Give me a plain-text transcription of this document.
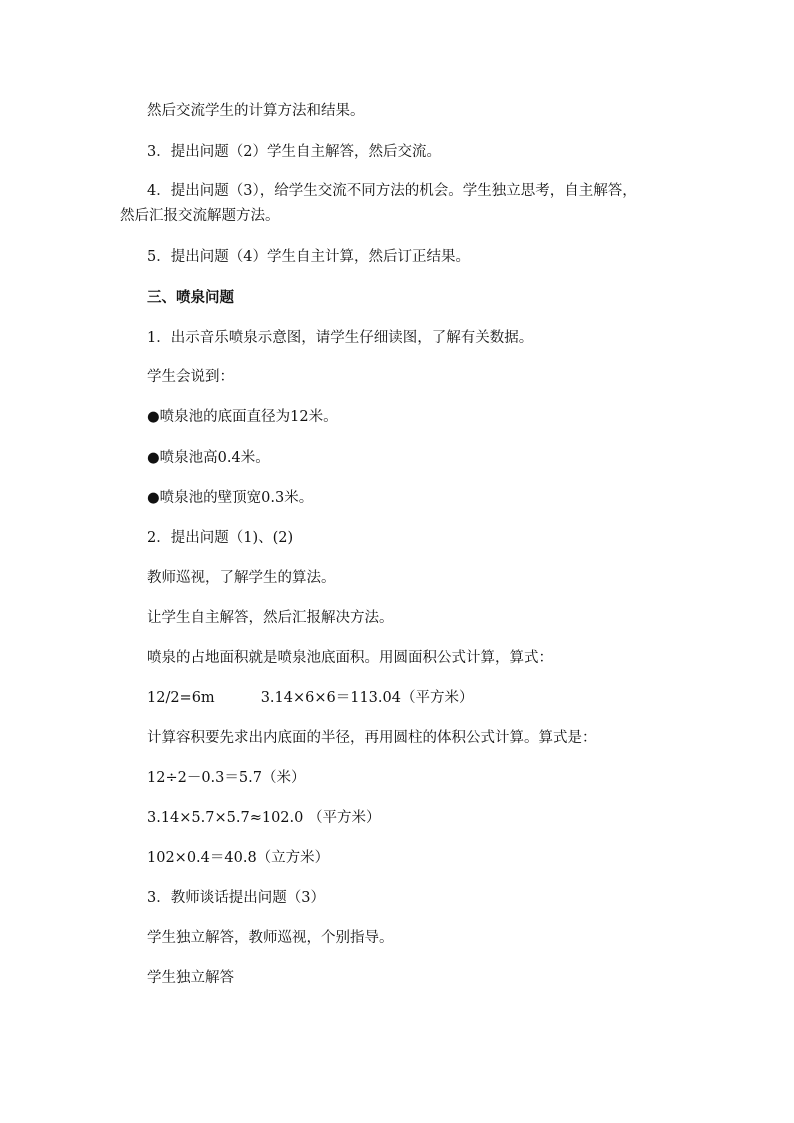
然后交流学生的计算方法和结果。
3．提出问题（2）学生自主解答，然后交流。
4．提出问题（3），给学生交流不同方法的机会。学生独立思考，自主解答，
然后汇报交流解题方法。
5．提出问题（4）学生自主计算，然后订正结果。
三、喷泉问题
1．出示音乐喷泉示意图，请学生仔细读图，了解有关数据。
学生会说到：
●喷泉池的底面直径为12米。
●喷泉池高0.4米。
●喷泉池的壁顶宽0.3米。
2．提出问题（1)、(2)
教师巡视，了解学生的算法。
让学生自主解答，然后汇报解决方法。
喷泉的占地面积就是喷泉池底面积。用圆面积公式计算，算式：
12/2=6m	3.14×6×6＝113.04（平方米）
计算容积要先求出内底面的半径，再用圆柱的体积公式计算。算式是：
12÷2－0.3＝5.7（米）
3.14×5.7×5.7≈102.0 （平方米）
102×0.4＝40.8（立方米）
3．教师谈话提出问题（3）
学生独立解答，教师巡视，个别指导。
学生独立解答
